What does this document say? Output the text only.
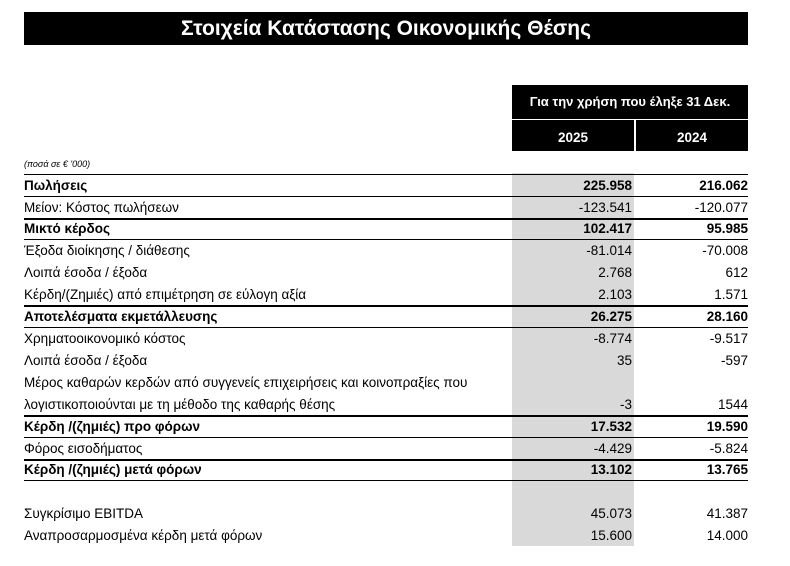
Στοιχεία Κατάστασης Οικονομικής Θέσης
Για την χρήση που έληξε 31 Δεκ.
2025	2024
(ποσά σε € '000)
Πωλήσεις	225.958	216.062
Μείον: Κόστος πωλήσεων	-123.541	-120.077
Μικτό κέρδος	102.417	95.985
Έξοδα διοίκησης / διάθεσης	-81.014	-70.008
Λοιπά έσοδα / έξοδα	2.768	612
Κέρδη/(Ζημιές) από επιμέτρηση σε εύλογη αξία	2.103	1.571
Αποτελέσματα εκμετάλλευσης	26.275	28.160
Χρηματοοικονομικό κόστος	-8.774	-9.517
Λοιπά έσοδα / έξοδα	35	-597
Μέρος καθαρών κερδών από συγγενείς επιχειρήσεις και κοινοπραξίες που
λογιστικοποιούνται με τη μέθοδο της καθαρής θέσης	-3	1544
Κέρδη /(ζημιές) προ φόρων	17.532	19.590
Φόρος εισοδήματος	-4.429	-5.824
Κέρδη /(ζημιές) μετά φόρων	13.102	13.765
Συγκρίσιμο EBITDA	45.073	41.387
Αναπροσαρμοσμένα κέρδη μετά φόρων	15.600	14.000
